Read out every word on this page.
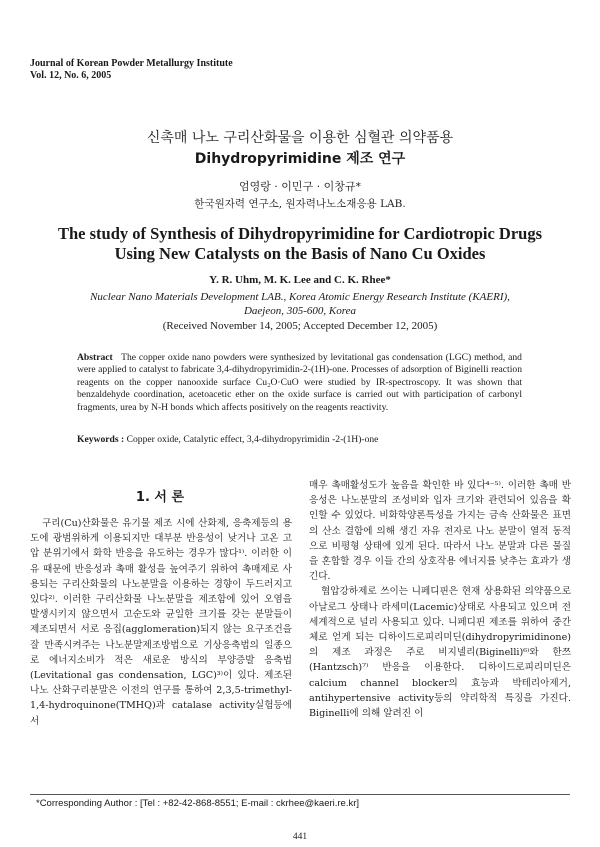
Journal of Korean Powder Metallurgy Institute
Vol. 12, No. 6, 2005
신촉매 나노 구리산화물을 이용한 심혈관 의약품용
Dihydropyrimidine 제조 연구
엄영랑 · 이민구 · 이창규*
한국원자력 연구소, 원자력나노소재응용 LAB.
The study of Synthesis of Dihydropyrimidine for Cardiotropic Drugs
Using New Catalysts on the Basis of Nano Cu Oxides
Y. R. Uhm, M. K. Lee and C. K. Rhee*
Nuclear Nano Materials Development LAB., Korea Atomic Energy Research Institute (KAERI),
Daejeon, 305-600, Korea
(Received November 14, 2005; Accepted December 12, 2005)
Abstract The copper oxide nano powders were synthesized by levitational gas condensation (LGC) method, and were applied to catalyst to fabricate 3,4-dihydropyrimidin-2-(1H)-one. Processes of adsorption of Biginelli reaction reagents on the copper nanooxide surface Cu₂O·CuO were studied by IR-spectroscopy. It was shown that benzaldehyde coordination, acetoacetic ether on the oxide surface is carried out with participation of carbonyl fragments, urea by N-H bonds which affects positively on the reagents reactivity.
Keywords : Copper oxide, Catalytic effect, 3,4-dihydropyrimidin -2-(1H)-one
1. 서 론

구리(Cu)산화물은 유기물 제조 시에 산화제, 응축제등의 용도에 광범위하게 이용되지만 대부분 반응성이 낮거나 고온 고압 분위기에서 화학 반응을 유도하는 경우가 많다¹⁾. 이러한 이유 때문에 반응성과 촉매 활성을 높여주기 위하여 촉매제로 사용되는 구리산화물의 나노분말을 이용하는 경향이 두드러지고 있다²⁾. 이러한 구리산화물 나노분말을 제조함에 있어 오염을 발생시키지 않으면서 고순도와 균일한 크기를 갖는 분말들이 제조되면서 서로 응집(agglomeration)되지 않는 요구조건을 잘 만족시켜주는 나노분말제조방법으로 기상응축법의 일종으로 에너지소비가 적은 새로운 방식의 부양증발 응축법(Levitational gas condensation, LGC)³⁾이 있다. 제조된 나노 산화구리분말은 이전의 연구를 통하여 2,3,5-trimethyl-1,4-hydroquinone(TMHQ)과 catalase activity실험등에서

매우 촉매활성도가 높음을 확인한 바 있다⁴⁻⁵⁾. 이러한 촉매 반응성은 나노분말의 조성비와 입자 크기와 관련되어 있음을 확인할 수 있었다. 비화학양론특성을 가지는 금속 산화물은 표면의 산소 결함에 의해 생긴 자유 전자로 나노 분말이 열적 동적으로 비평형 상태에 있게 된다. 따라서 나노 분말과 다른 물질을 혼합할 경우 이들 간의 상호작용 에너지를 낮추는 효과가 생긴다.

협압강하제로 쓰이는 니페디핀은 현재 상용화된 의약품으로 아날로그 상태나 라세미(Lacemic)상태로 사용되고 있으며 전 세계적으로 널리 사용되고 있다. 니페디핀 제조를 위하여 중간체로 얻게 되는 디하이드로피리미딘(dihydropyrimidinone)의 제조 과정은 주로 비지넬리(Biginelli)⁶⁾와 한쯔(Hantzsch)⁷⁾ 반응을 이용한다. 디하이드로피리미딘은 calcium channel blocker의 효능과 박테리아제거, antihypertensive activity등의 약리학적 특징을 가진다. Biginelli에 의해 알려진 이

*Corresponding Author : [Tel : +82-42-868-8551; E-mail : ckrhee@kaeri.re.kr]
441
